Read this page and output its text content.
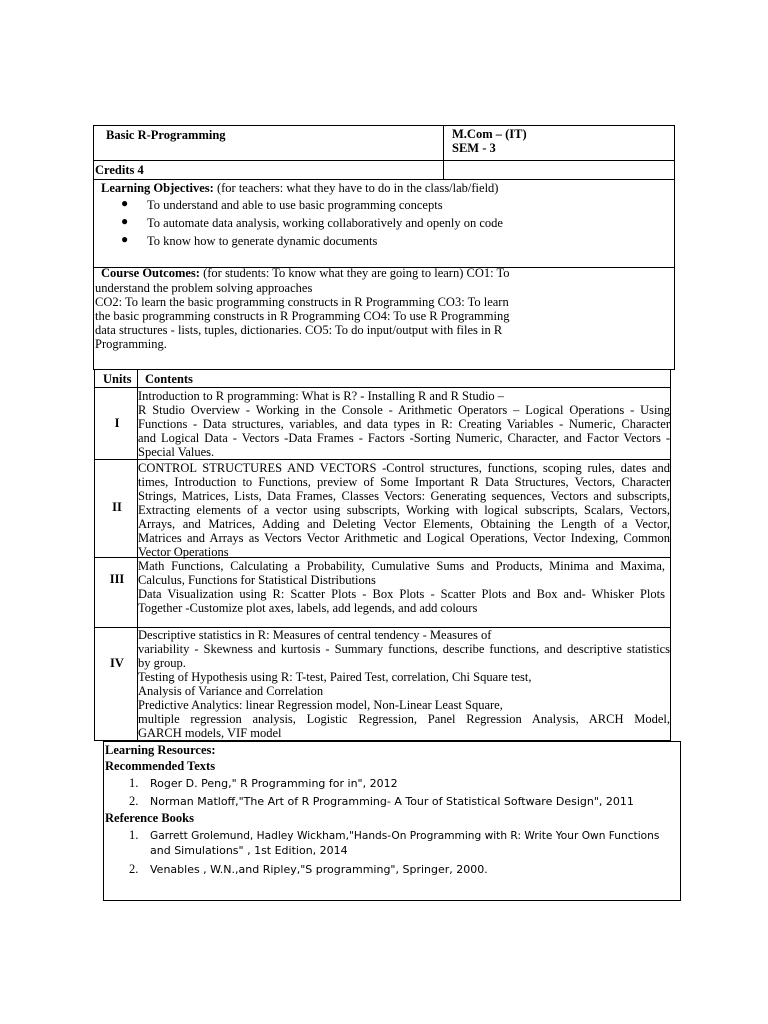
Basic R-Programming	M.Com – (IT)
SEM - 3
Credits 4
Learning Objectives: (for teachers: what they have to do in the class/lab/field)
● To understand and able to use basic programming concepts
● To automate data analysis, working collaboratively and openly on code
● To know how to generate dynamic documents
Course Outcomes: (for students: To know what they are going to learn) CO1: To
understand the problem solving approaches
CO2: To learn the basic programming constructs in R Programming CO3: To learn
the basic programming constructs in R Programming CO4: To use R Programming
data structures - lists, tuples, dictionaries. CO5: To do input/output with files in R
Programming.
Units Contents
I
Introduction to R programming: What is R? - Installing R and R Studio –
R Studio Overview - Working in the Console - Arithmetic Operators – Logical Operations - Using
Functions - Data structures, variables, and data types in R: Creating Variables - Numeric, Character
and Logical Data - Vectors -Data Frames - Factors -Sorting Numeric, Character, and Factor Vectors -
Special Values.
II
CONTROL STRUCTURES AND VECTORS -Control structures, functions, scoping rules, dates and
times, Introduction to Functions, preview of Some Important R Data Structures, Vectors, Character
Strings, Matrices, Lists, Data Frames, Classes Vectors: Generating sequences, Vectors and subscripts,
Extracting elements of a vector using subscripts, Working with logical subscripts, Scalars, Vectors,
Arrays, and Matrices, Adding and Deleting Vector Elements, Obtaining the Length of a Vector,
Matrices and Arrays as Vectors Vector Arithmetic and Logical Operations, Vector Indexing, Common
Vector Operations
III
Math Functions, Calculating a Probability, Cumulative Sums and Products, Minima and Maxima,
Calculus, Functions for Statistical Distributions
Data Visualization using R: Scatter Plots - Box Plots - Scatter Plots and Box and- Whisker Plots
Together -Customize plot axes, labels, add legends, and add colours
IV
Descriptive statistics in R: Measures of central tendency - Measures of
variability - Skewness and kurtosis - Summary functions, describe functions, and descriptive statistics
by group.
Testing of Hypothesis using R: T-test, Paired Test, correlation, Chi Square test,
Analysis of Variance and Correlation
Predictive Analytics: linear Regression model, Non-Linear Least Square,
multiple regression analysis, Logistic Regression, Panel Regression Analysis, ARCH Model,
GARCH models, VIF model
Learning Resources:
Recommended Texts
1. Roger D. Peng," R Programming for in", 2012
2. Norman Matloff,"The Art of R Programming- A Tour of Statistical Software Design", 2011
Reference Books
1. Garrett Grolemund, Hadley Wickham,"Hands-On Programming with R: Write Your Own Functions
and Simulations" , 1st Edition, 2014
2. Venables , W.N.,and Ripley,"S programming", Springer, 2000.
